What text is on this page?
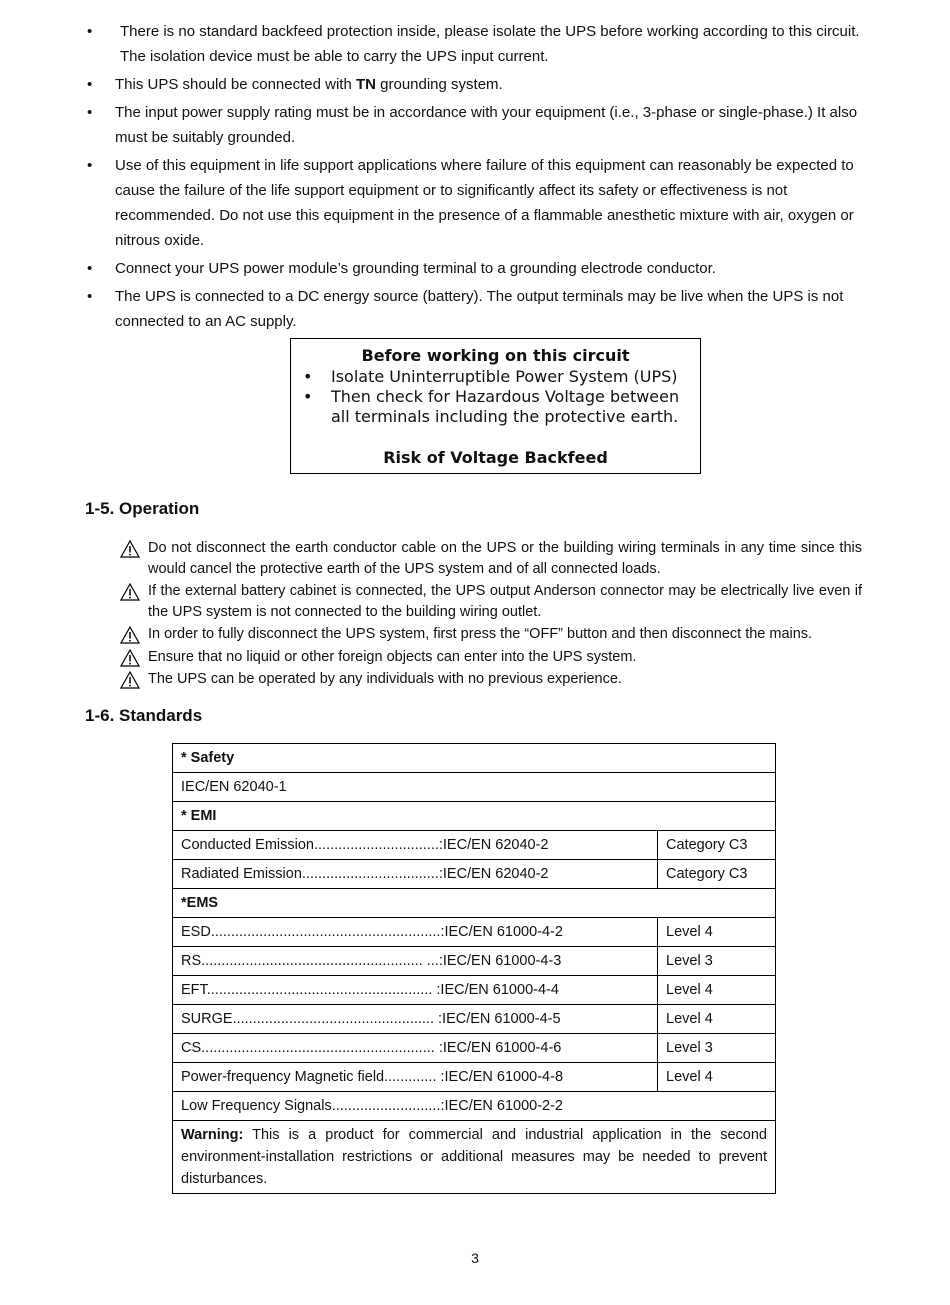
• There is no standard backfeed protection inside, please isolate the UPS before working according to this circuit. The isolation device must be able to carry the UPS input current.
• This UPS should be connected with TN grounding system.
• The input power supply rating must be in accordance with your equipment (i.e., 3-phase or single-phase.) It also must be suitably grounded.
• Use of this equipment in life support applications where failure of this equipment can reasonably be expected to cause the failure of the life support equipment or to significantly affect its safety or effectiveness is not recommended. Do not use this equipment in the presence of a flammable anesthetic mixture with air, oxygen or nitrous oxide.
• Connect your UPS power module’s grounding terminal to a grounding electrode conductor.
• The UPS is connected to a DC energy source (battery). The output terminals may be live when the UPS is not connected to an AC supply.
Before working on this circuit
• Isolate Uninterruptible Power System (UPS)
• Then check for Hazardous Voltage between all terminals including the protective earth.
Risk of Voltage Backfeed
1-5. Operation
Do not disconnect the earth conductor cable on the UPS or the building wiring terminals in any time since this would cancel the protective earth of the UPS system and of all connected loads.
If the external battery cabinet is connected, the UPS output Anderson connector may be electrically live even if the UPS system is not connected to the building wiring outlet.
In order to fully disconnect the UPS system, first press the “OFF” button and then disconnect the mains.
Ensure that no liquid or other foreign objects can enter into the UPS system.
The UPS can be operated by any individuals with no previous experience.
1-6. Standards
* Safety	
IEC/EN 62040-1	
* EMI	
Conducted Emission...............................:IEC/EN 62040-2	Category C3
Radiated Emission..................................:IEC/EN 62040-2	Category C3
*EMS	
ESD.........................................................:IEC/EN 61000-4-2	Level 4
RS....................................................... ...:IEC/EN 61000-4-3	Level 3
EFT........................................................ :IEC/EN 61000-4-4	Level 4
SURGE.................................................. :IEC/EN 61000-4-5	Level 4
CS.......................................................... :IEC/EN 61000-4-6	Level 3
Power-frequency Magnetic field............. :IEC/EN 61000-4-8	Level 4
Low Frequency Signals...........................:IEC/EN 61000-2-2	
Warning: This is a product for commercial and industrial application in the second environment-installation restrictions or additional measures may be needed to prevent disturbances.	
3
